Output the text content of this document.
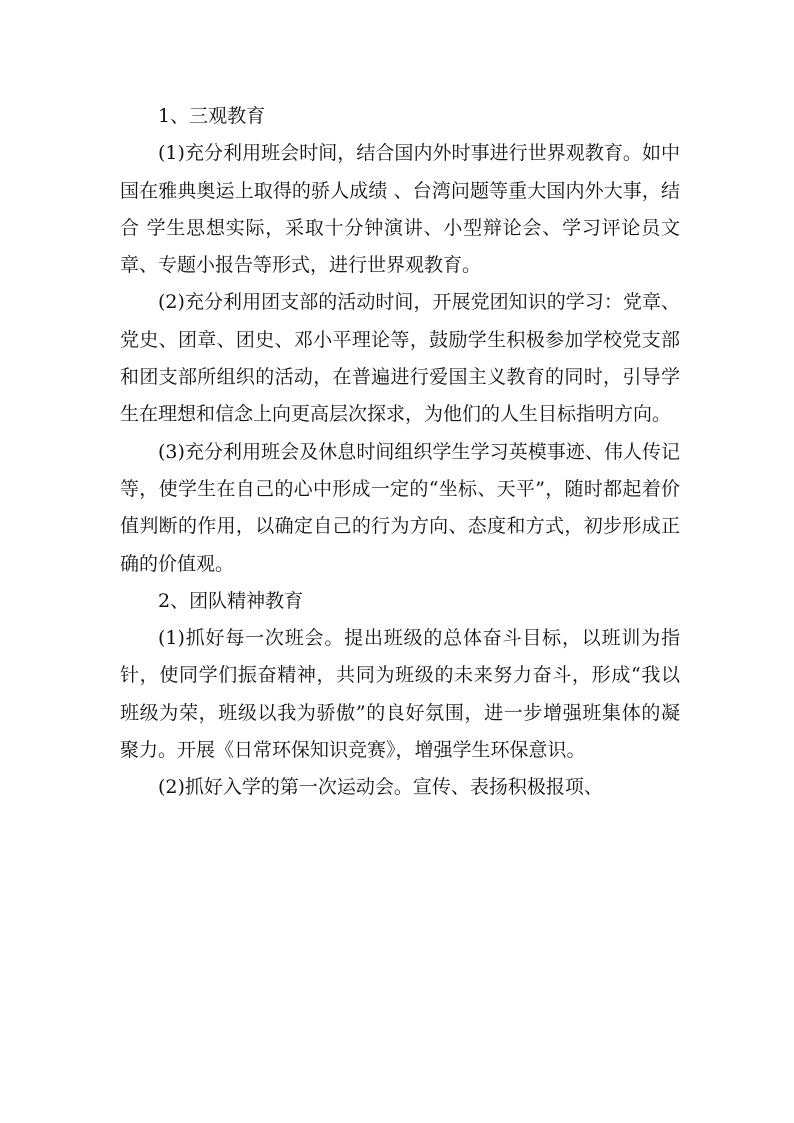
1、三观教育

(1)充分利用班会时间，结合国内外时事进行世界观教育。如中国在雅典奥运上取得的骄人成绩 、台湾问题等重大国内外大事，结合 学生思想实际，采取十分钟演讲、小型辩论会、学习评论员文章、专题小报告等形式，进行世界观教育。

(2)充分利用团支部的活动时间，开展党团知识的学习：党章、党史、团章、团史、邓小平理论等，鼓励学生积极参加学校党支部和团支部所组织的活动，在普遍进行爱国主义教育的同时，引导学生在理想和信念上向更高层次探求，为他们的人生目标指明方向。

(3)充分利用班会及休息时间组织学生学习英模事迹、伟人传记等，使学生在自己的心中形成一定的“坐标、天平”，随时都起着价值判断的作用，以确定自己的行为方向、态度和方式，初步形成正确的价值观。

2、团队精神教育

(1)抓好每一次班会。提出班级的总体奋斗目标，以班训为指针，使同学们振奋精神，共同为班级的未来努力奋斗，形成“我以班级为荣，班级以我为骄傲”的良好氛围，进一步增强班集体的凝聚力。开展《日常环保知识竞赛》，增强学生环保意识。

(2)抓好入学的第一次运动会。宣传、表扬积极报项、
